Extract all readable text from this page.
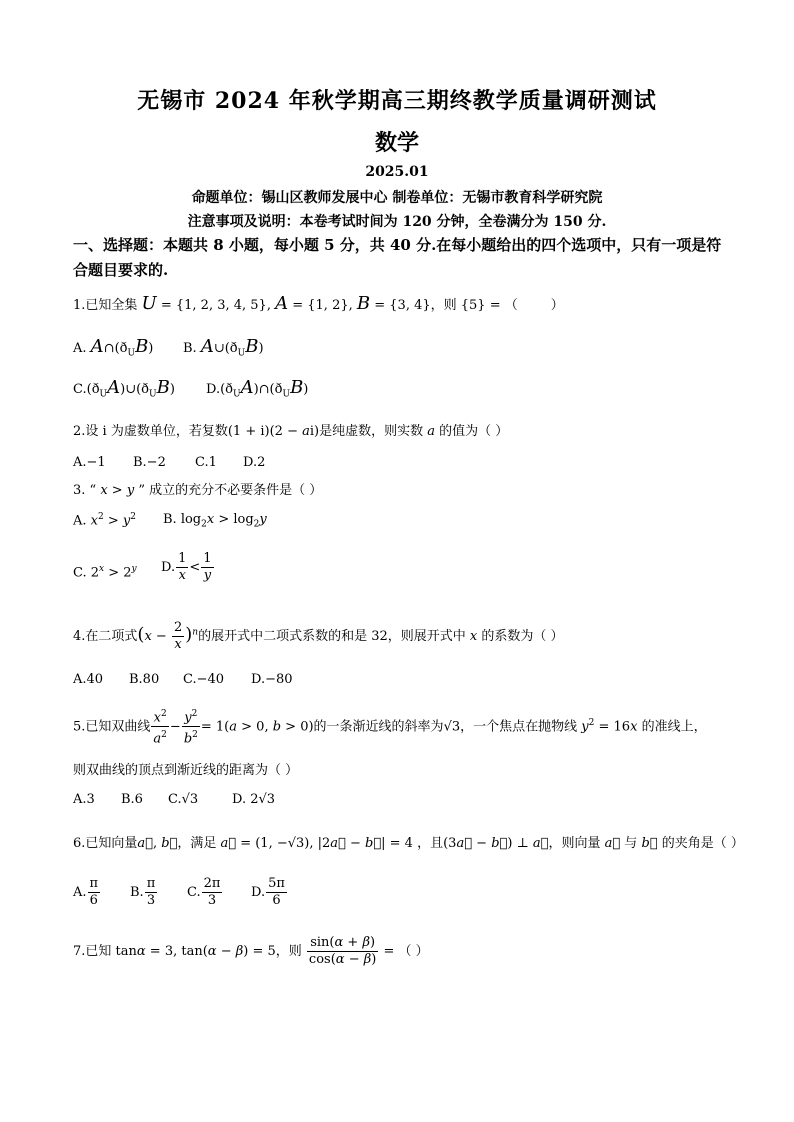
无锡市 2024 年秋学期高三期终教学质量调研测试
数学
2025.01
命题单位：锡山区教师发展中心 制卷单位：无锡市教育科学研究院
注意事项及说明：本卷考试时间为 120 分钟，全卷满分为 150 分.
一、选择题：本题共 8 小题，每小题 5 分，共 40 分.在每小题给出的四个选项中，只有一项是符合题目要求的.
1.已知全集 U = {1, 2, 3, 4, 5}, A = {1, 2}, B = {3, 4}，则 {5} = （        ）
A. $A\cap(ð_UB)$ B. $A\cup(ð_UB)$
$C.(ð_UA)\cup(ð_UB)$ $D.(ð_UA)\cap(ð_UB)$
2.设 i 为虚数单位，若复数(1 + i)(2 − ai)是纯虚数，则实数 a 的值为（ ）
A.−1 B.−2 C.1 D.2
3. “ x > y ” 成立的充分不必要条件是（ ）
A. $x^2 > y^2$ B. $\log_2x > \log_2y$
C. $2^x > 2^y$ D. $\frac{1}{x} < \frac{1}{y}$
4.在二项式$(x - \frac{2}{x} )^n$的展开式中二项式系数的和是 32，则展开式中 x 的系数为（ ）
A.40 B.80 C.−40 D.−80
5.已知双曲线 $\frac{x^2}{a^2} - \frac{y^2}{b^2} = 1(a > 0$, b > 0)的一条渐近线的斜率为√3，一个焦点在抛物线 $y^2 = 16x$ 的准线上，
则双曲线的顶点到渐近线的距离为（ ）
A.3 B.6 C.√3	D. 2√3
6.已知向量a⃗, b⃗，满足 a⃗ = (1, −√3), |2a⃗ − b⃗| = 4 ，且(3a⃗ − b⃗) ⊥ a⃗，则向量 a⃗ 与 b⃗ 的夹角是（ ）
A. $\frac{\pi}{6} B$. $\frac{\pi}{3} C$. $\frac{2\pi}{3} D$. $\frac{5\pi}{6}$
7.已知 tanα = 3, tan(α − β) = 5，则 $\frac{\sin(\alpha + \beta)}{\cos(\alpha - \beta)}$ = （ ）
